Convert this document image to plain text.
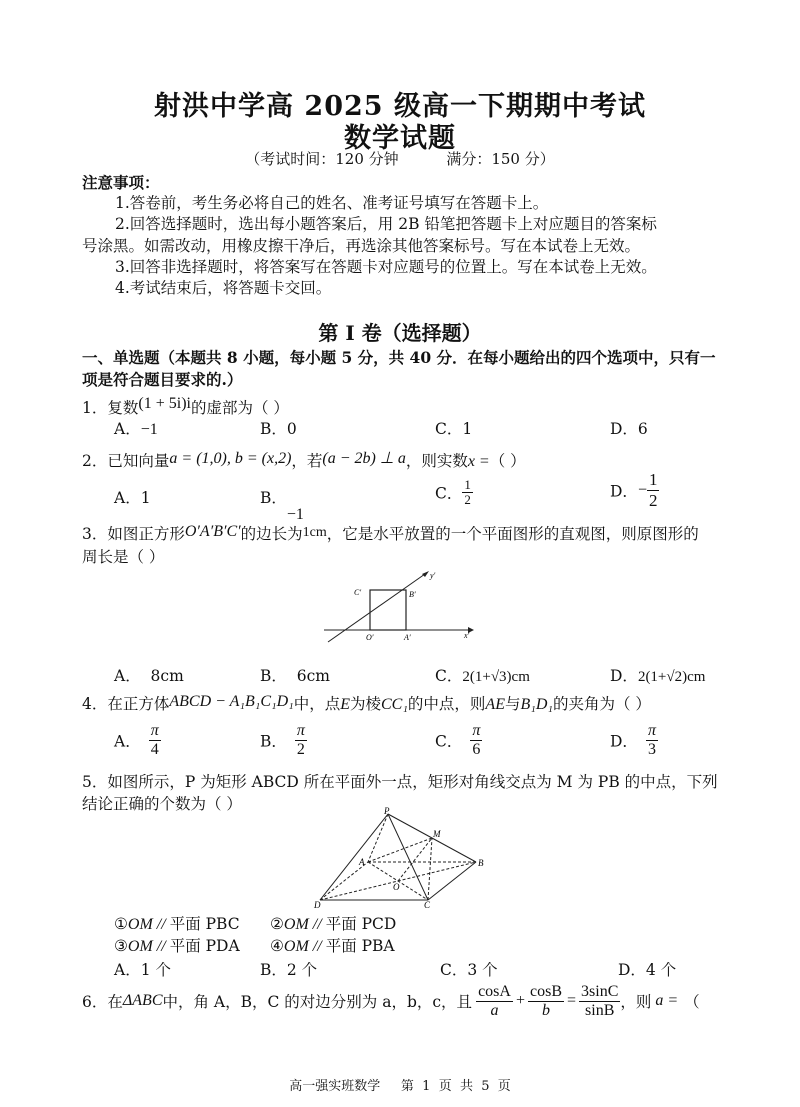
射洪中学高 2025 级高一下期期中考试
数学试题
（考试时间：120 分钟          满分：150 分）
注意事项：
1.答卷前，考生务必将自己的姓名、准考证号填写在答题卡上。
2.回答选择题时，选出每小题答案后，用 2B 铅笔把答题卡上对应题目的答案标
号涂黑。如需改动，用橡皮擦干净后，再选涂其他答案标号。写在本试卷上无效。
3.回答非选择题时，将答案写在答题卡对应题号的位置上。写在本试卷上无效。
4.考试结束后，将答题卡交回。
第 I 卷（选择题）
一、单选题（本题共 8 小题，每小题 5 分，共 40 分．在每小题给出的四个选项中，只有一
项是符合题目要求的.）
1．复数(1 + 5i)i的虚部为（ ）
A．−1	B．0	C．1	D．6
2．已知向量a = (1,0), b = (x,2)，若(a − 2b) ⊥ a，则实数x =（ ）
A．1	B．−1
C． $\frac{1}{2}$	D．− $\frac{1}{2}$
3．如图正方形O′A′B′C′的边长为1cm，它是水平放置的一个平面图形的直观图，则原图形的
周长是（ ）
C′	B′
O′	A′	x′
y′
A．  8cm	B．  6cm	C．2(1+√3)cm	D．2(1+√2)cm
4．在正方体ABCD − A₁B₁C₁D₁中，点E为棱CC₁的中点，则AE与B₁D₁的夹角为（ ）
A． $\frac{\pi}{4}$	B． $\frac{\pi}{2}$	C． $\frac{\pi}{6}$	D． $\frac{\pi}{3}$
5．如图所示，P 为矩形 ABCD 所在平面外一点，矩形对角线交点为 M 为 PB 的中点，下列
结论正确的个数为（ ）	P
M
A	B
O
D	C
①OM // 平面 PBC ②OM // 平面 PCD
③OM // 平面 PDA ④OM // 平面 PBA
A．1 个	B．2 个	C．3 个	D．4 个
6．在 ΔABC 中，角 A，B，C 的对边分别为 a，b，c，且 $\frac{\cos A}{a} + \frac{\cos B}{b} = \frac{3\sin C}{\sin B}$ ，则 a = （
高一强实班数学     第  1  页  共  5  页
